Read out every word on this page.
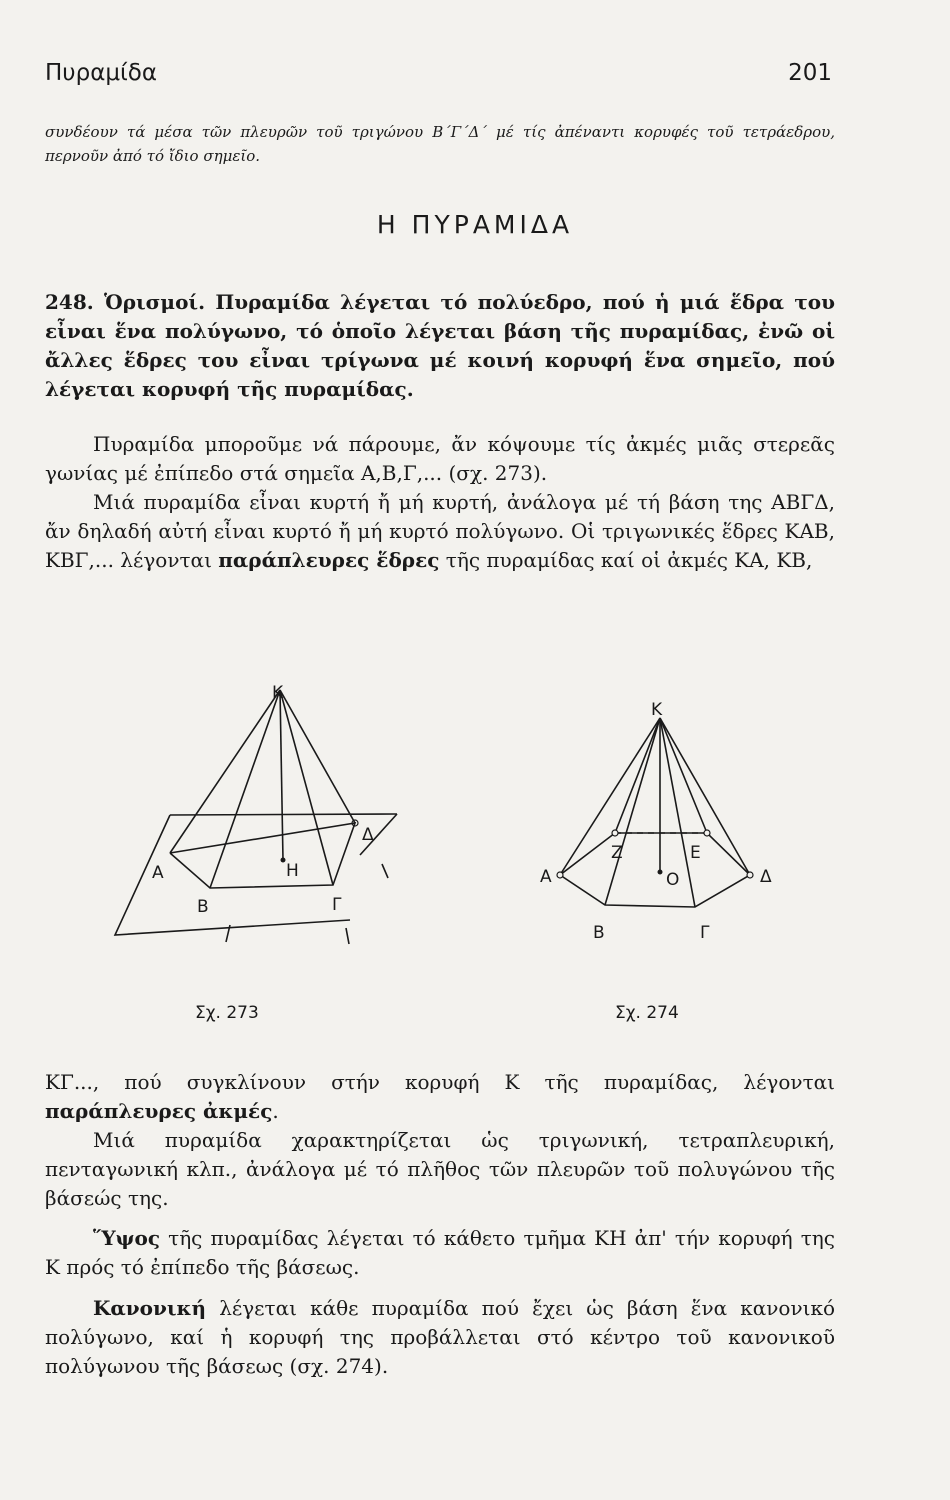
Πυραμίδα	201
συνδέουν τά μέσα τῶν πλευρῶν τοῦ τριγώνου Β΄Γ΄Δ΄ μέ τίς ἀπέναντι κορυφές τοῦ τετράεδρου, περνοῦν ἀπό τό ἴδιο σημεῖο.
Η ΠΥΡΑΜΙΔΑ
248. Ὁρισμοί. Πυραμίδα λέγεται τό πολύεδρο, πού ἡ μιά ἕδρα του εἶναι ἕνα πολύγωνο, τό ὁποῖο λέγεται βάση τῆς πυραμίδας, ἐνῶ οἱ ἄλλες ἕδρες του εἶναι τρίγωνα μέ κοινή κορυφή ἕνα σημεῖο, πού λέγεται κορυφή τῆς πυραμίδας.
Πυραμίδα μποροῦμε νά πάρουμε, ἄν κόψουμε τίς ἀκμές μιᾶς στερεᾶς γωνίας μέ ἐπίπεδο στά σημεῖα Α,Β,Γ,... (σχ. 273).
Μιά πυραμίδα εἶναι κυρτή ἤ μή κυρτή, ἀνάλογα μέ τή βάση της ΑΒΓΔ, ἄν δηλαδή αὐτή εἶναι κυρτό ἤ μή κυρτό πολύγωνο. Οἱ τριγωνικές ἕδρες ΚΑΒ, ΚΒΓ,... λέγονται παράπλευρες ἕδρες τῆς πυραμίδας καί οἱ ἀκμές ΚΑ, ΚΒ,
Κ
Α
Β	Γ
Δ
Η
Σχ. 273
Κ
Α
Β	Γ
Δ
Ζ	Ε
Ο
Σχ. 274
ΚΓ..., πού συγκλίνουν στήν κορυφή Κ τῆς πυραμίδας, λέγονται παράπλευρες ἀκμές.
Μιά πυραμίδα χαρακτηρίζεται ὡς τριγωνική, τετραπλευρική, πενταγωνική κλπ., ἀνάλογα μέ τό πλῆθος τῶν πλευρῶν τοῦ πολυγώνου τῆς βάσεώς της.
Ὕψος τῆς πυραμίδας λέγεται τό κάθετο τμῆμα ΚΗ ἀπ' τήν κορυφή της Κ πρός τό ἐπίπεδο τῆς βάσεως.
Κανονική λέγεται κάθε πυραμίδα πού ἔχει ὡς βάση ἕνα κανονικό πολύγωνο, καί ἡ κορυφή της προβάλλεται στό κέντρο τοῦ κανονικοῦ πολύγωνου τῆς βάσεως (σχ. 274).
